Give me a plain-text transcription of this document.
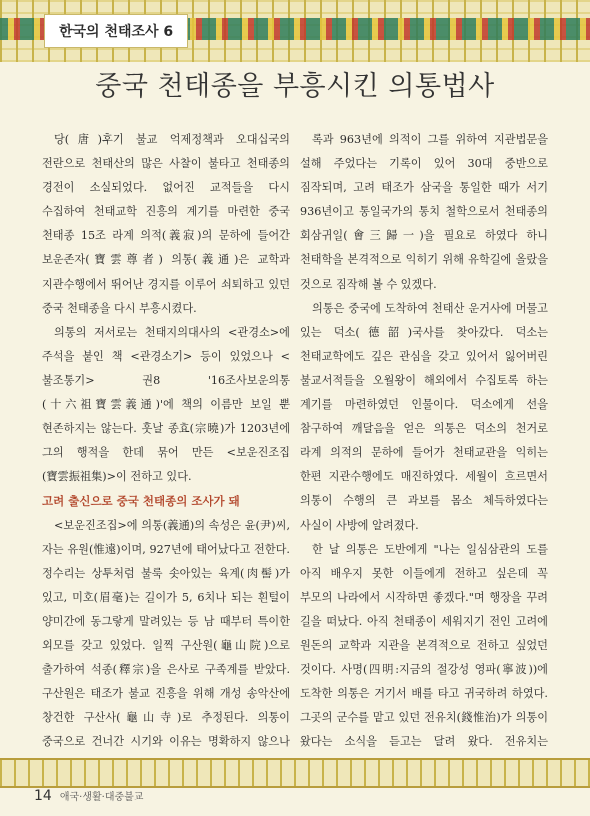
한국의 천태조사 6
중국 천태종을 부흥시킨 의통법사

당(唐)후기 불교 억제정책과 오대십국의 전란으로 천태산의 많은 사찰이 불타고 천태종의 경전이 소실되었다. 없어진 교적들을 다시 수집하여 천태교학 진흥의 계기를 마련한 중국 천태종 15조 라계 의적(義寂)의 문하에 들어간 보운존자(寶雲尊者) 의통(義通)은 교학과 지관수행에서 뛰어난 경지를 이루어 쇠퇴하고 있던 중국 천태종을 다시 부흥시켰다.

의통의 저서로는 천태지의대사의 <관경소>에 주석을 붙인 책 <관경소기> 등이 있었으나 <불조통기> 권8 '16조사보운의통(十六祖寶雲義通)'에 책의 이름만 보일 뿐 현존하지는 않는다. 훗날 종효(宗曉)가 1203년에 그의 행적을 한데 묶어 만든 <보운진조집(寶雲振祖集)>이 전하고 있다.

고려 출신으로 중국 천태종의 조사가 돼

<보운진조집>에 의통(義通)의 속성은 윤(尹)씨, 자는 유원(惟遠)이며, 927년에 태어났다고 전한다. 정수리는 상투처럼 불룩 솟아있는 육계(肉髻)가 있고, 미호(眉毫)는 길이가 5, 6치나 되는 흰털이 양미간에 동그랗게 말려있는 등 남 때부터 특이한 외모를 갖고 있었다. 일찍 구산원(龜山院)으로 출가하여 석종(釋宗)을 은사로 구족계를 받았다. 구산원은 태조가 불교 진흥을 위해 개성 송악산에 창건한 구산사(龜山寺)로 추정된다. 의통이 중국으로 건너간 시기와 이유는 명확하지 않으나

록과 963년에 의적이 그를 위하여 지관법문을 설해 주었다는 기록이 있어 30대 중반으로 짐작되며, 고려 태조가 삼국을 통일한 때가 서기 936년이고 통일국가의 통치 철학으로서 천태종의 회삼귀일(會三歸一)을 필요로 하였다 하니 천태학을 본격적으로 익히기 위해 유학길에 올랐을 것으로 짐작해 볼 수 있겠다.

의통은 중국에 도착하여 천태산 운거사에 머물고 있는 덕소(德韶)국사를 찾아갔다. 덕소는 천태교학에도 깊은 관심을 갖고 있어서 잃어버린 불교서적들을 오월왕이 해외에서 수집토록 하는 계기를 마련하였던 인물이다. 덕소에게 선을 참구하여 깨달음을 얻은 의통은 덕소의 천거로 라계 의적의 문하에 들어가 천태교관을 익히는 한편 지관수행에도 매진하였다. 세월이 흐르면서 의통이 수행의 큰 과보를 몸소 체득하였다는 사실이 사방에 알려졌다.

한 날 의통은 도반에게 "나는 일심삼관의 도를 아직 배우지 못한 이들에게 전하고 싶은데 꼭 부모의 나라에서 시작하면 좋겠다."며 행장을 꾸려 길을 떠났다. 아직 천태종이 세워지기 전인 고려에 원돈의 교학과 지관을 본격적으로 전하고 싶었던 것이다. 사명(四明:지금의 절강성 영파(寧波))에 도착한 의통은 거기서 배를 타고 귀국하려 하였다. 그곳의 군수를 맡고 있던 전유치(錢惟治)가 의통이 왔다는 소식을 듣고는 달려 왔다. 전유치는

14 애국·생활·대중불교
